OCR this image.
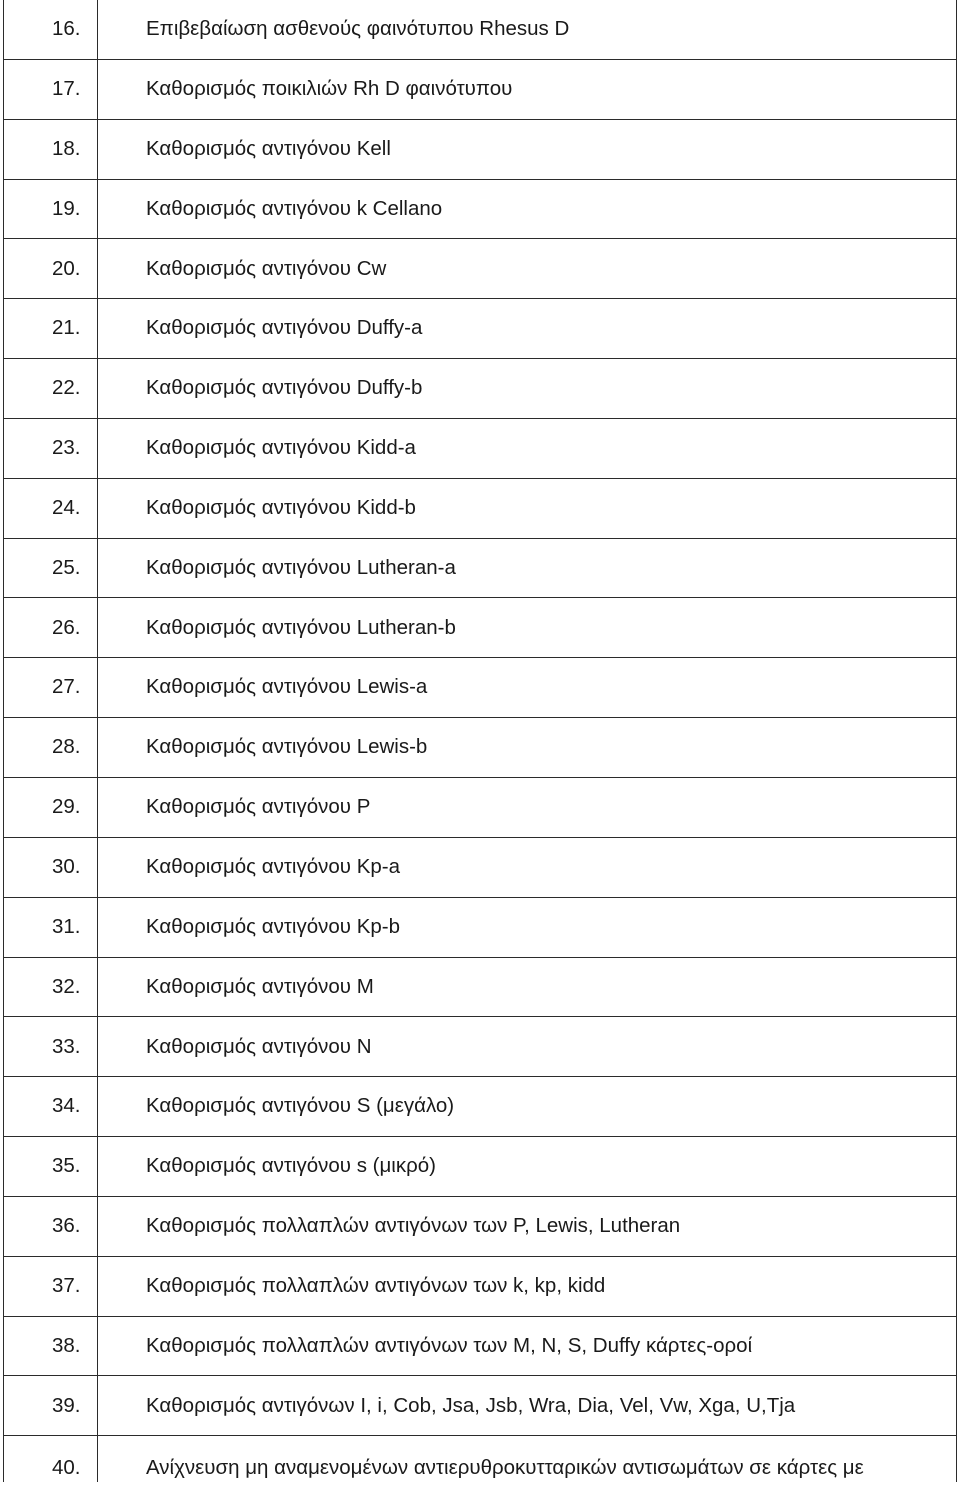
16.	Επιβεβαίωση ασθενούς φαινότυπου Rhesus D
17.	Καθορισμός ποικιλιών Rh D φαινότυπου
18.	Καθορισμός αντιγόνου Kell
19.	Καθορισμός αντιγόνου k Cellano
20.	Καθορισμός αντιγόνου Cw
21.	Καθορισμός αντιγόνου Duffy-a
22.	Καθορισμός αντιγόνου Duffy-b
23.	Καθορισμός αντιγόνου Kidd-a
24.	Καθορισμός αντιγόνου Kidd-b
25.	Καθορισμός αντιγόνου Lutheran-a
26.	Καθορισμός αντιγόνου Lutheran-b
27.	Καθορισμός αντιγόνου Lewis-a
28.	Καθορισμός αντιγόνου Lewis-b
29.	Καθορισμός αντιγόνου P
30.	Καθορισμός αντιγόνου Kp-a
31.	Καθορισμός αντιγόνου Kp-b
32.	Καθορισμός αντιγόνου M
33.	Καθορισμός αντιγόνου N
34.	Καθορισμός αντιγόνου S (μεγάλο)
35.	Καθορισμός αντιγόνου s (μικρό)
36.	Καθορισμός πολλαπλών αντιγόνων των P, Lewis, Lutheran
37.	Καθορισμός πολλαπλών αντιγόνων των k, kp, kidd
38.	Καθορισμός πολλαπλών αντιγόνων των M, N, S, Duffy κάρτες-οροί
39.	Καθορισμός αντιγόνων I, i, Cob, Jsa, Jsb, Wra, Dia, Vel, Vw, Xga, U,Tja
40.	Ανίχνευση μη αναμενομένων αντιερυθροκυτταρικών αντισωμάτων σε κάρτες με
